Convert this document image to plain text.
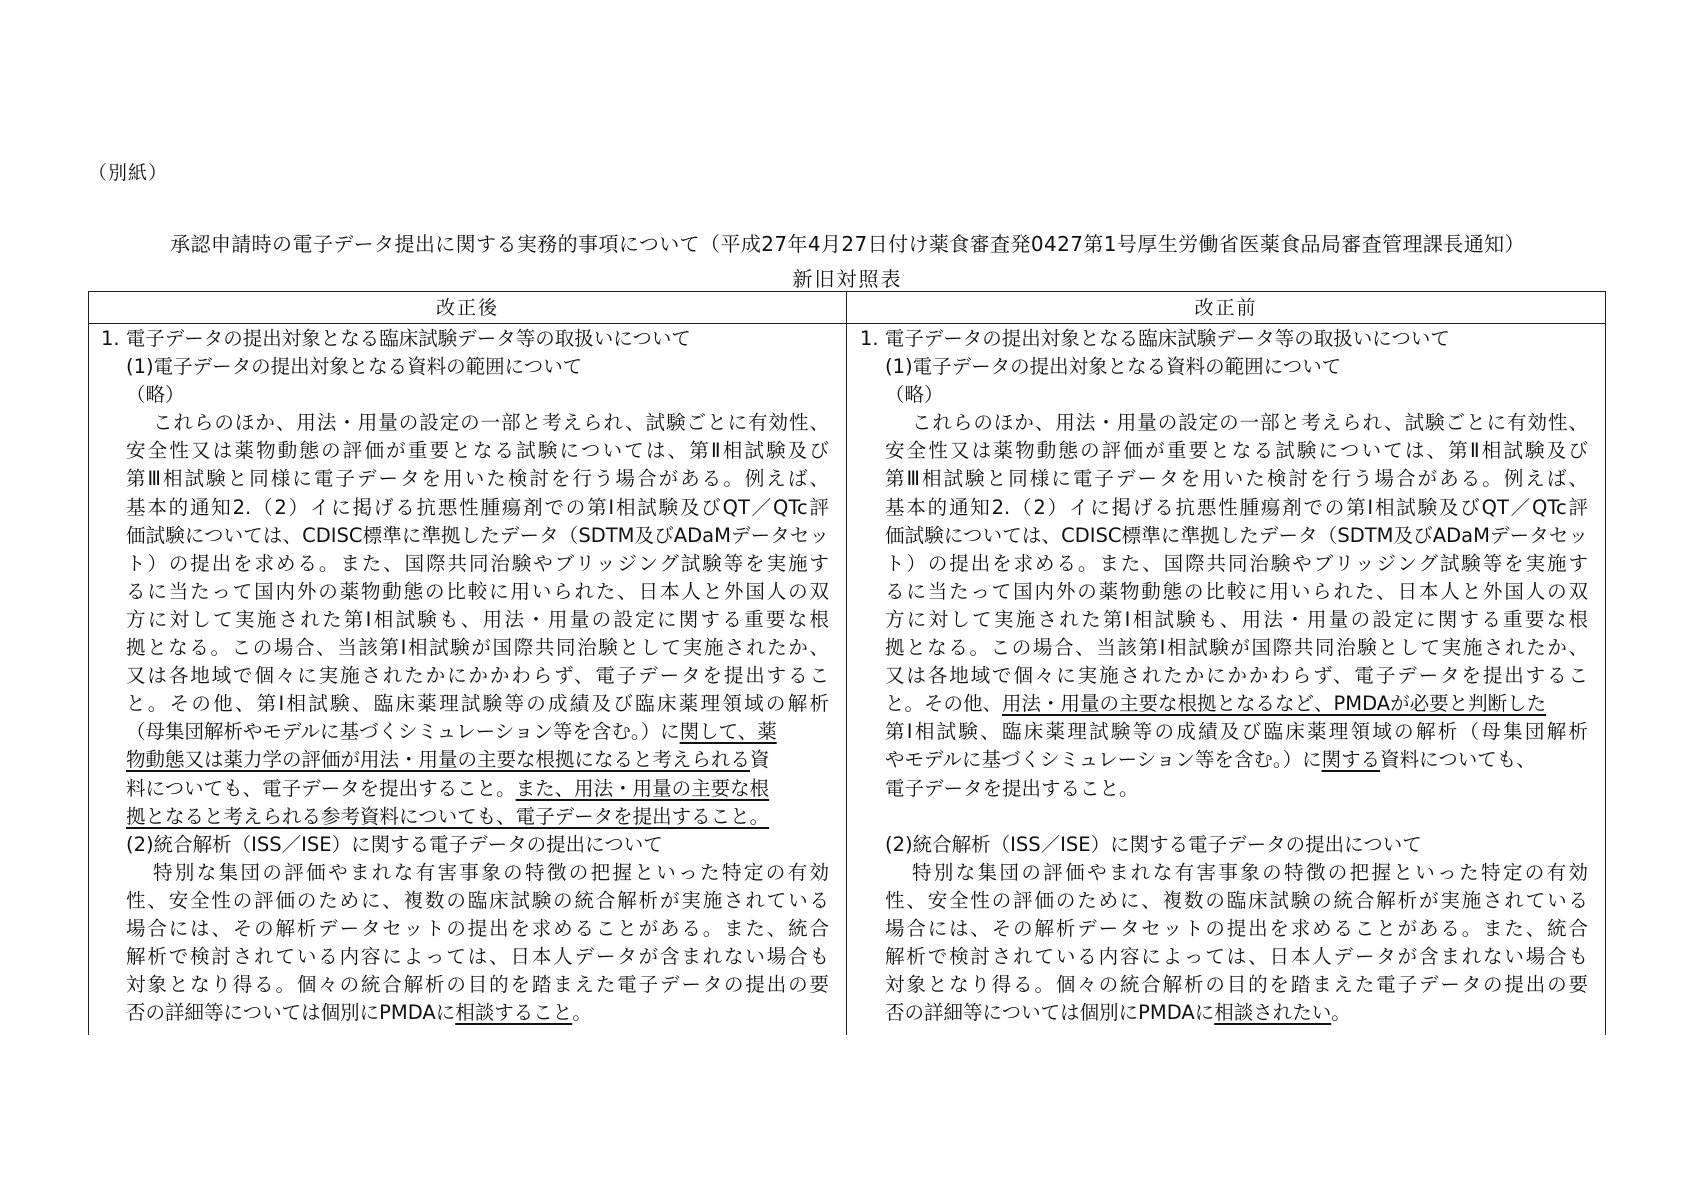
（別紙）
承認申請時の電子データ提出に関する実務的事項について（平成27年4月27日付け薬食審査発0427第1号厚生労働省医薬食品局審査管理課長通知）
新旧対照表
改正後	改正前
1. 電子データの提出対象となる臨床試験データ等の取扱いについて
(1)電子データの提出対象となる資料の範囲について
（略）
これらのほか、用法・用量の設定の一部と考えられ、試験ごとに有効性、
安全性又は薬物動態の評価が重要となる試験については、第Ⅱ相試験及び
第Ⅲ相試験と同様に電子データを用いた検討を行う場合がある。例えば、
基本的通知2.（2）イに掲げる抗悪性腫瘍剤での第Ⅰ相試験及びQT／QTc評
価試験については、CDISC標準に準拠したデータ（SDTM及びADaMデータセッ
ト）の提出を求める。また、国際共同治験やブリッジング試験等を実施す
るに当たって国内外の薬物動態の比較に用いられた、日本人と外国人の双
方に対して実施された第Ⅰ相試験も、用法・用量の設定に関する重要な根
拠となる。この場合、当該第Ⅰ相試験が国際共同治験として実施されたか、
又は各地域で個々に実施されたかにかかわらず、電子データを提出するこ
と。その他、第Ⅰ相試験、臨床薬理試験等の成績及び臨床薬理領域の解析
（母集団解析やモデルに基づくシミュレーション等を含む。）に関して、薬
物動態又は薬力学の評価が用法・用量の主要な根拠になると考えられる資
料についても、電子データを提出すること。また、用法・用量の主要な根
拠となると考えられる参考資料についても、電子データを提出すること。
(2)統合解析（ISS／ISE）に関する電子データの提出について
特別な集団の評価やまれな有害事象の特徴の把握といった特定の有効
性、安全性の評価のために、複数の臨床試験の統合解析が実施されている
場合には、その解析データセットの提出を求めることがある。また、統合
解析で検討されている内容によっては、日本人データが含まれない場合も
対象となり得る。個々の統合解析の目的を踏まえた電子データの提出の要
否の詳細等については個別にPMDAに相談すること。
1. 電子データの提出対象となる臨床試験データ等の取扱いについて
(1)電子データの提出対象となる資料の範囲について
（略）
これらのほか、用法・用量の設定の一部と考えられ、試験ごとに有効性、
安全性又は薬物動態の評価が重要となる試験については、第Ⅱ相試験及び
第Ⅲ相試験と同様に電子データを用いた検討を行う場合がある。例えば、
基本的通知2.（2）イに掲げる抗悪性腫瘍剤での第Ⅰ相試験及びQT／QTc評
価試験については、CDISC標準に準拠したデータ（SDTM及びADaMデータセッ
ト）の提出を求める。また、国際共同治験やブリッジング試験等を実施す
るに当たって国内外の薬物動態の比較に用いられた、日本人と外国人の双
方に対して実施された第Ⅰ相試験も、用法・用量の設定に関する重要な根
拠となる。この場合、当該第Ⅰ相試験が国際共同治験として実施されたか、
又は各地域で個々に実施されたかにかかわらず、電子データを提出するこ
と。その他、用法・用量の主要な根拠となるなど、PMDAが必要と判断した
第Ⅰ相試験、臨床薬理試験等の成績及び臨床薬理領域の解析（母集団解析
やモデルに基づくシミュレーション等を含む。）に関する資料についても、
電子データを提出すること。
(2)統合解析（ISS／ISE）に関する電子データの提出について
特別な集団の評価やまれな有害事象の特徴の把握といった特定の有効
性、安全性の評価のために、複数の臨床試験の統合解析が実施されている
場合には、その解析データセットの提出を求めることがある。また、統合
解析で検討されている内容によっては、日本人データが含まれない場合も
対象となり得る。個々の統合解析の目的を踏まえた電子データの提出の要
否の詳細等については個別にPMDAに相談されたい。
